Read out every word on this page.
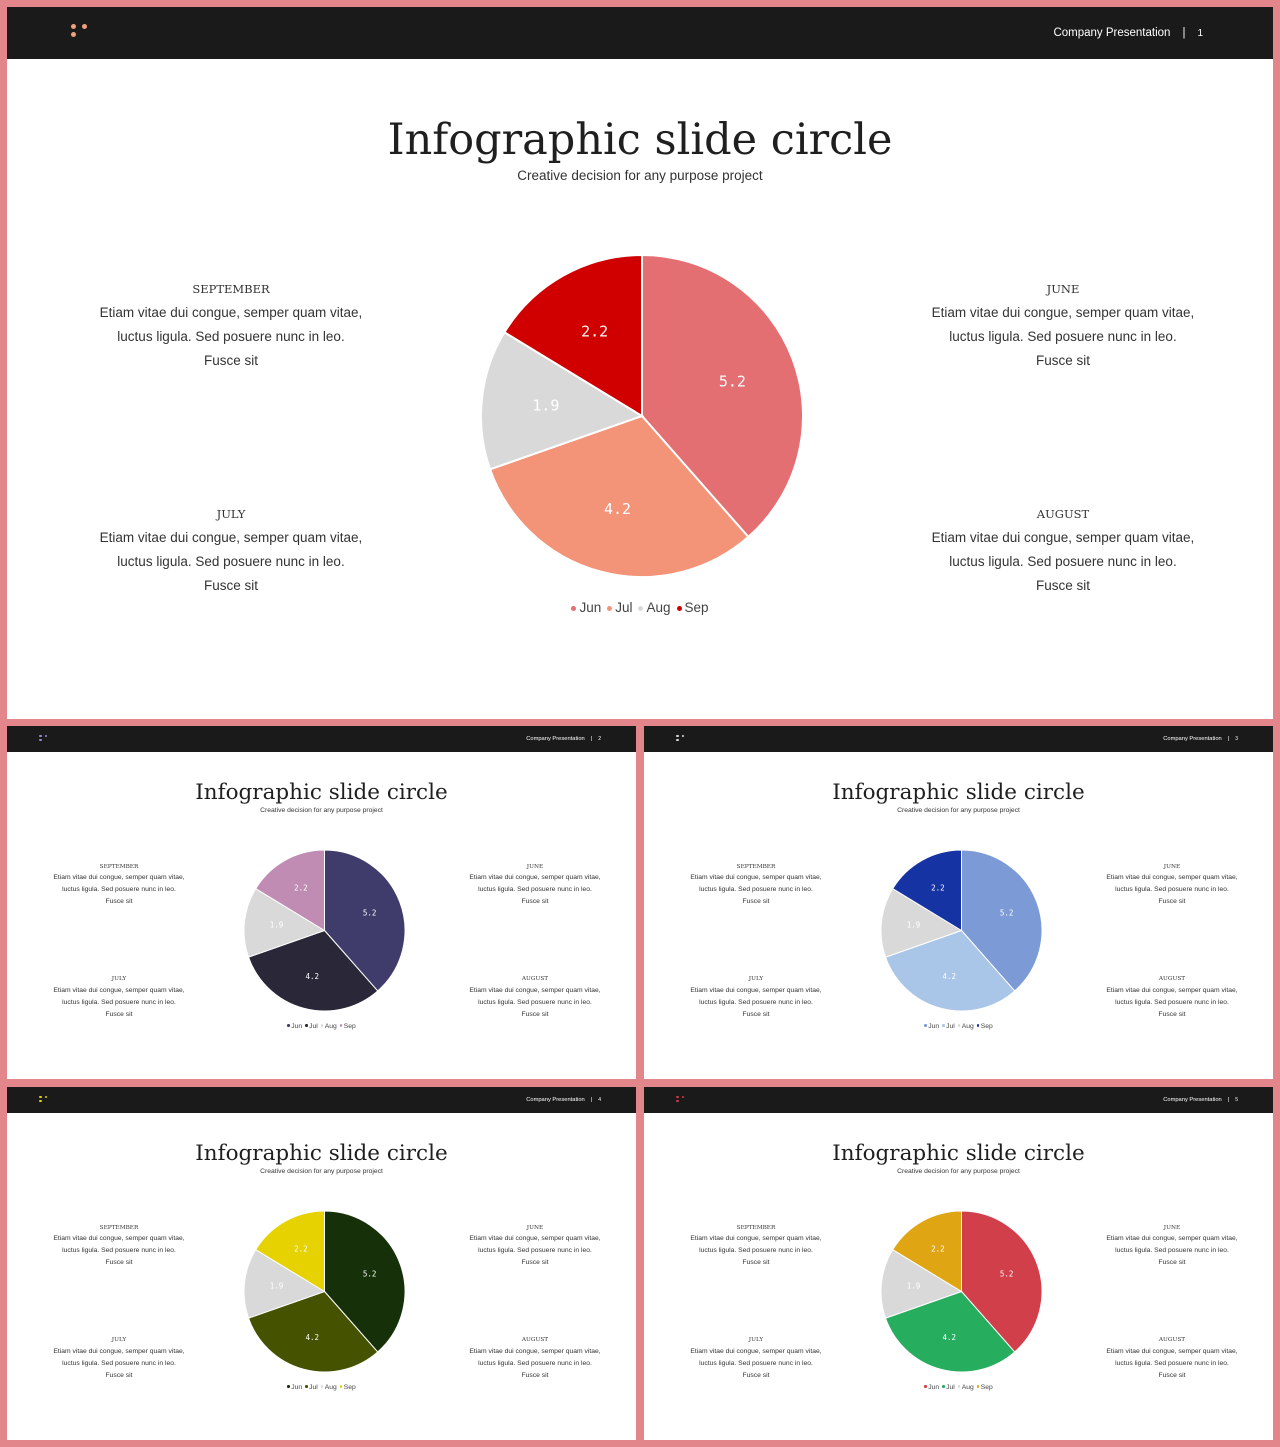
Company Presentation | 1
Infographic slide circle
Creative decision for any purpose project
SEPTEMBER
Etiam vitae dui congue, semper quam vitae, luctus ligula. Sed posuere nunc in leo. Fusce sit
JUNE
Etiam vitae dui congue, semper quam vitae, luctus ligula. Sed posuere nunc in leo. Fusce sit
JULY
Etiam vitae dui congue, semper quam vitae, luctus ligula. Sed posuere nunc in leo. Fusce sit
AUGUST
Etiam vitae dui congue, semper quam vitae, luctus ligula. Sed posuere nunc in leo. Fusce sit
5.2
4.2
1.9
2.2
Jun Jul Aug Sep
Company Presentation | 2
Infographic slide circle
Creative decision for any purpose project
SEPTEMBER
Etiam vitae dui congue, semper quam vitae, luctus ligula. Sed posuere nunc in leo. Fusce sit
JUNE
Etiam vitae dui congue, semper quam vitae, luctus ligula. Sed posuere nunc in leo. Fusce sit
JULY
Etiam vitae dui congue, semper quam vitae, luctus ligula. Sed posuere nunc in leo. Fusce sit
AUGUST
Etiam vitae dui congue, semper quam vitae, luctus ligula. Sed posuere nunc in leo. Fusce sit
5.2
4.2
1.9
2.2
Jun Jul Aug Sep
Company Presentation | 3
Infographic slide circle
Creative decision for any purpose project
SEPTEMBER
Etiam vitae dui congue, semper quam vitae, luctus ligula. Sed posuere nunc in leo. Fusce sit
JUNE
Etiam vitae dui congue, semper quam vitae, luctus ligula. Sed posuere nunc in leo. Fusce sit
JULY
Etiam vitae dui congue, semper quam vitae, luctus ligula. Sed posuere nunc in leo. Fusce sit
AUGUST
Etiam vitae dui congue, semper quam vitae, luctus ligula. Sed posuere nunc in leo. Fusce sit
5.2
4.2
1.9
2.2
Jun Jul Aug Sep
Company Presentation | 4
Infographic slide circle
Creative decision for any purpose project
SEPTEMBER
Etiam vitae dui congue, semper quam vitae, luctus ligula. Sed posuere nunc in leo. Fusce sit
JUNE
Etiam vitae dui congue, semper quam vitae, luctus ligula. Sed posuere nunc in leo. Fusce sit
JULY
Etiam vitae dui congue, semper quam vitae, luctus ligula. Sed posuere nunc in leo. Fusce sit
AUGUST
Etiam vitae dui congue, semper quam vitae, luctus ligula. Sed posuere nunc in leo. Fusce sit
5.2
4.2
1.9
2.2
Jun Jul Aug Sep
Company Presentation | 5
Infographic slide circle
Creative decision for any purpose project
SEPTEMBER
Etiam vitae dui congue, semper quam vitae, luctus ligula. Sed posuere nunc in leo. Fusce sit
JUNE
Etiam vitae dui congue, semper quam vitae, luctus ligula. Sed posuere nunc in leo. Fusce sit
JULY
Etiam vitae dui congue, semper quam vitae, luctus ligula. Sed posuere nunc in leo. Fusce sit
AUGUST
Etiam vitae dui congue, semper quam vitae, luctus ligula. Sed posuere nunc in leo. Fusce sit
5.2
4.2
1.9
2.2
Jun Jul Aug Sep
